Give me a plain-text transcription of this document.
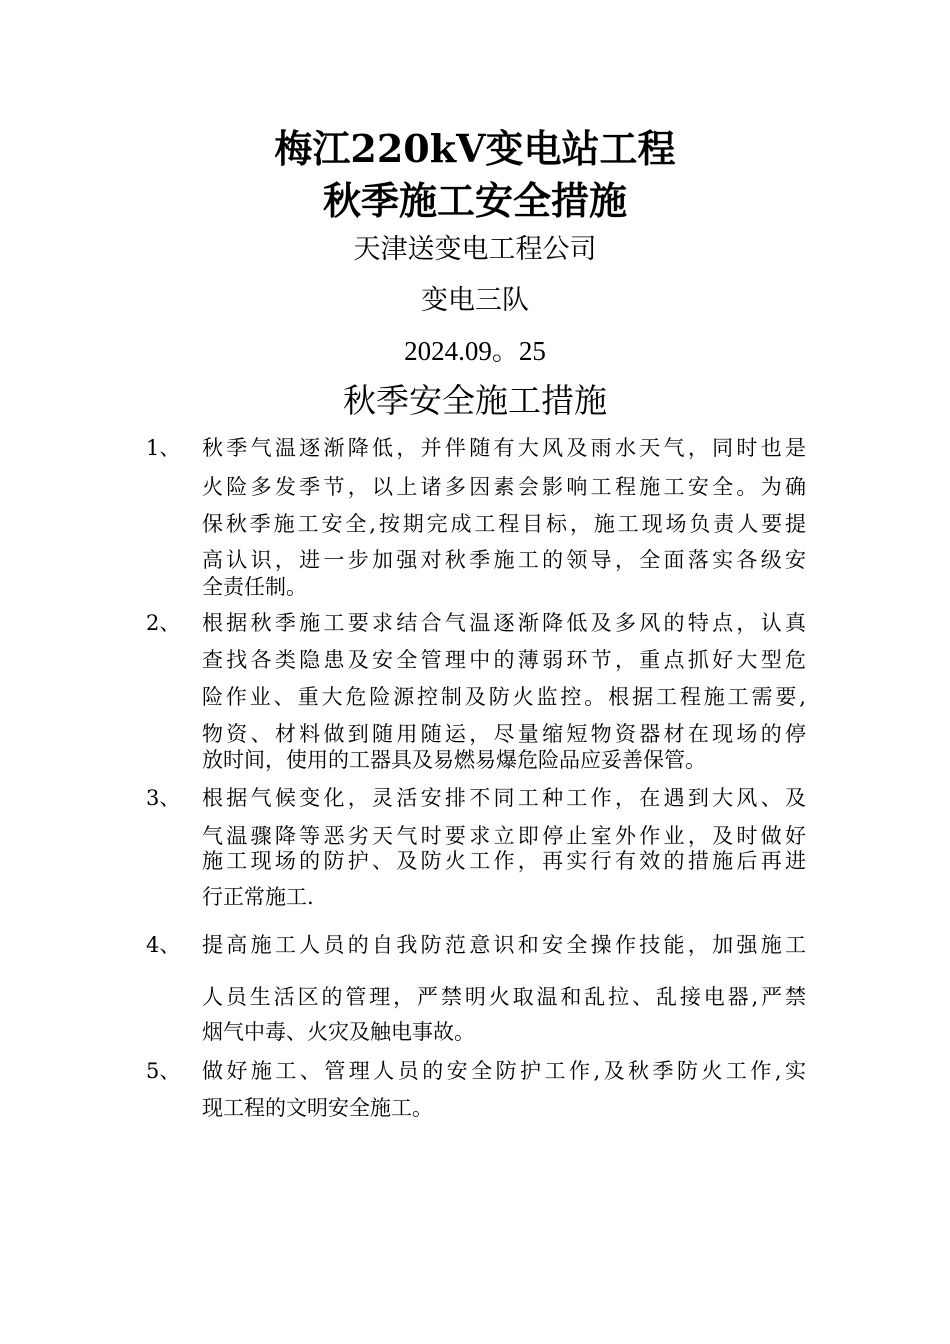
梅江220kV变电站工程
秋季施工安全措施
天津送变电工程公司
变电三队
2024.09。25
秋季安全施工措施
1、 秋季气温逐渐降低，并伴随有大风及雨水天气，同时也是
火险多发季节，以上诸多因素会影响工程施工安全。为确
保秋季施工安全,按期完成工程目标，施工现场负责人要提
高认识，进一步加强对秋季施工的领导，全面落实各级安
全责任制。
2、 根据秋季施工要求结合气温逐渐降低及多风的特点，认真
查找各类隐患及安全管理中的薄弱环节，重点抓好大型危
险作业、重大危险源控制及防火监控。根据工程施工需要,
物资、材料做到随用随运，尽量缩短物资器材在现场的停
放时间，使用的工器具及易燃易爆危险品应妥善保管。
3、 根据气候变化，灵活安排不同工种工作，在遇到大风、及
气温骤降等恶劣天气时要求立即停止室外作业，及时做好
施工现场的防护、及防火工作，再实行有效的措施后再进
行正常施工.
4、 提高施工人员的自我防范意识和安全操作技能，加强施工
人员生活区的管理，严禁明火取温和乱拉、乱接电器,严禁
烟气中毒、火灾及触电事故。
5、 做好施工、管理人员的安全防护工作,及秋季防火工作,实
现工程的文明安全施工。
